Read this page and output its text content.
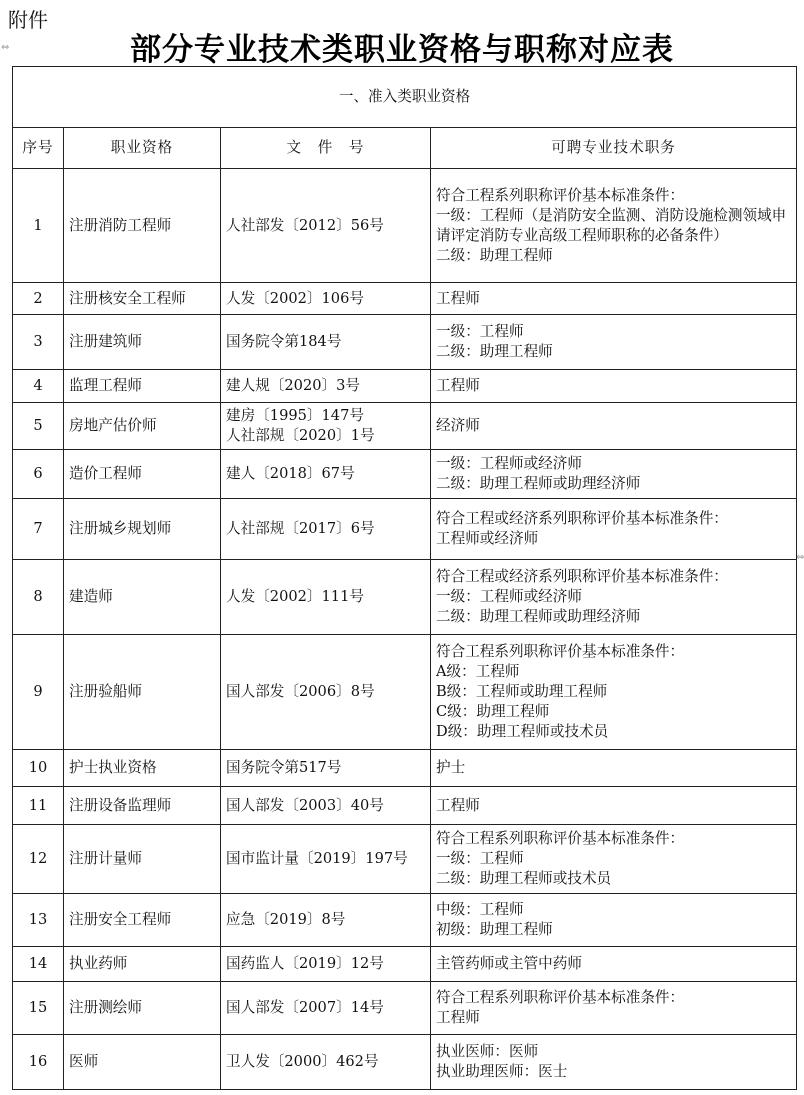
附件
部分专业技术类职业资格与职称对应表
⇔
⇔
一、准入类职业资格			
序号	职业资格	文　件　号	可聘专业技术职务
1	注册消防工程师	人社部发〔2012〕56号	符合工程系列职称评价基本标准条件：
一级：工程师（是消防安全监测、消防设施检测领域申请评定消防专业高级工程师职称的必备条件）
二级：助理工程师

2	注册核安全工程师	人发〔2002〕106号	工程师

3	注册建筑师	国务院令第184号	一级：工程师
二级：助理工程师

4	监理工程师	建人规〔2020〕3号	工程师

5	房地产估价师	建房〔1995〕147号
人社部规〔2020〕1号	经济师

6	造价工程师	建人〔2018〕67号	一级：工程师或经济师
二级：助理工程师或助理经济师

7	注册城乡规划师	人社部规〔2017〕6号	符合工程或经济系列职称评价基本标准条件：
工程师或经济师

8	建造师	人发〔2002〕111号	符合工程或经济系列职称评价基本标准条件：
一级：工程师或经济师
二级：助理工程师或助理经济师

9	注册验船师	国人部发〔2006〕8号	符合工程系列职称评价基本标准条件：
A级：工程师
B级：工程师或助理工程师
C级：助理工程师
D级：助理工程师或技术员

10	护士执业资格	国务院令第517号	护士

11	注册设备监理师	国人部发〔2003〕40号	工程师

12	注册计量师	国市监计量〔2019〕197号	符合工程系列职称评价基本标准条件：
一级：工程师
二级：助理工程师或技术员

13	注册安全工程师	应急〔2019〕8号	中级：工程师
初级：助理工程师

14	执业药师	国药监人〔2019〕12号	主管药师或主管中药师

15	注册测绘师	国人部发〔2007〕14号	符合工程系列职称评价基本标准条件：
工程师

16	医师	卫人发〔2000〕462号	执业医师：医师
执业助理医师：医士
